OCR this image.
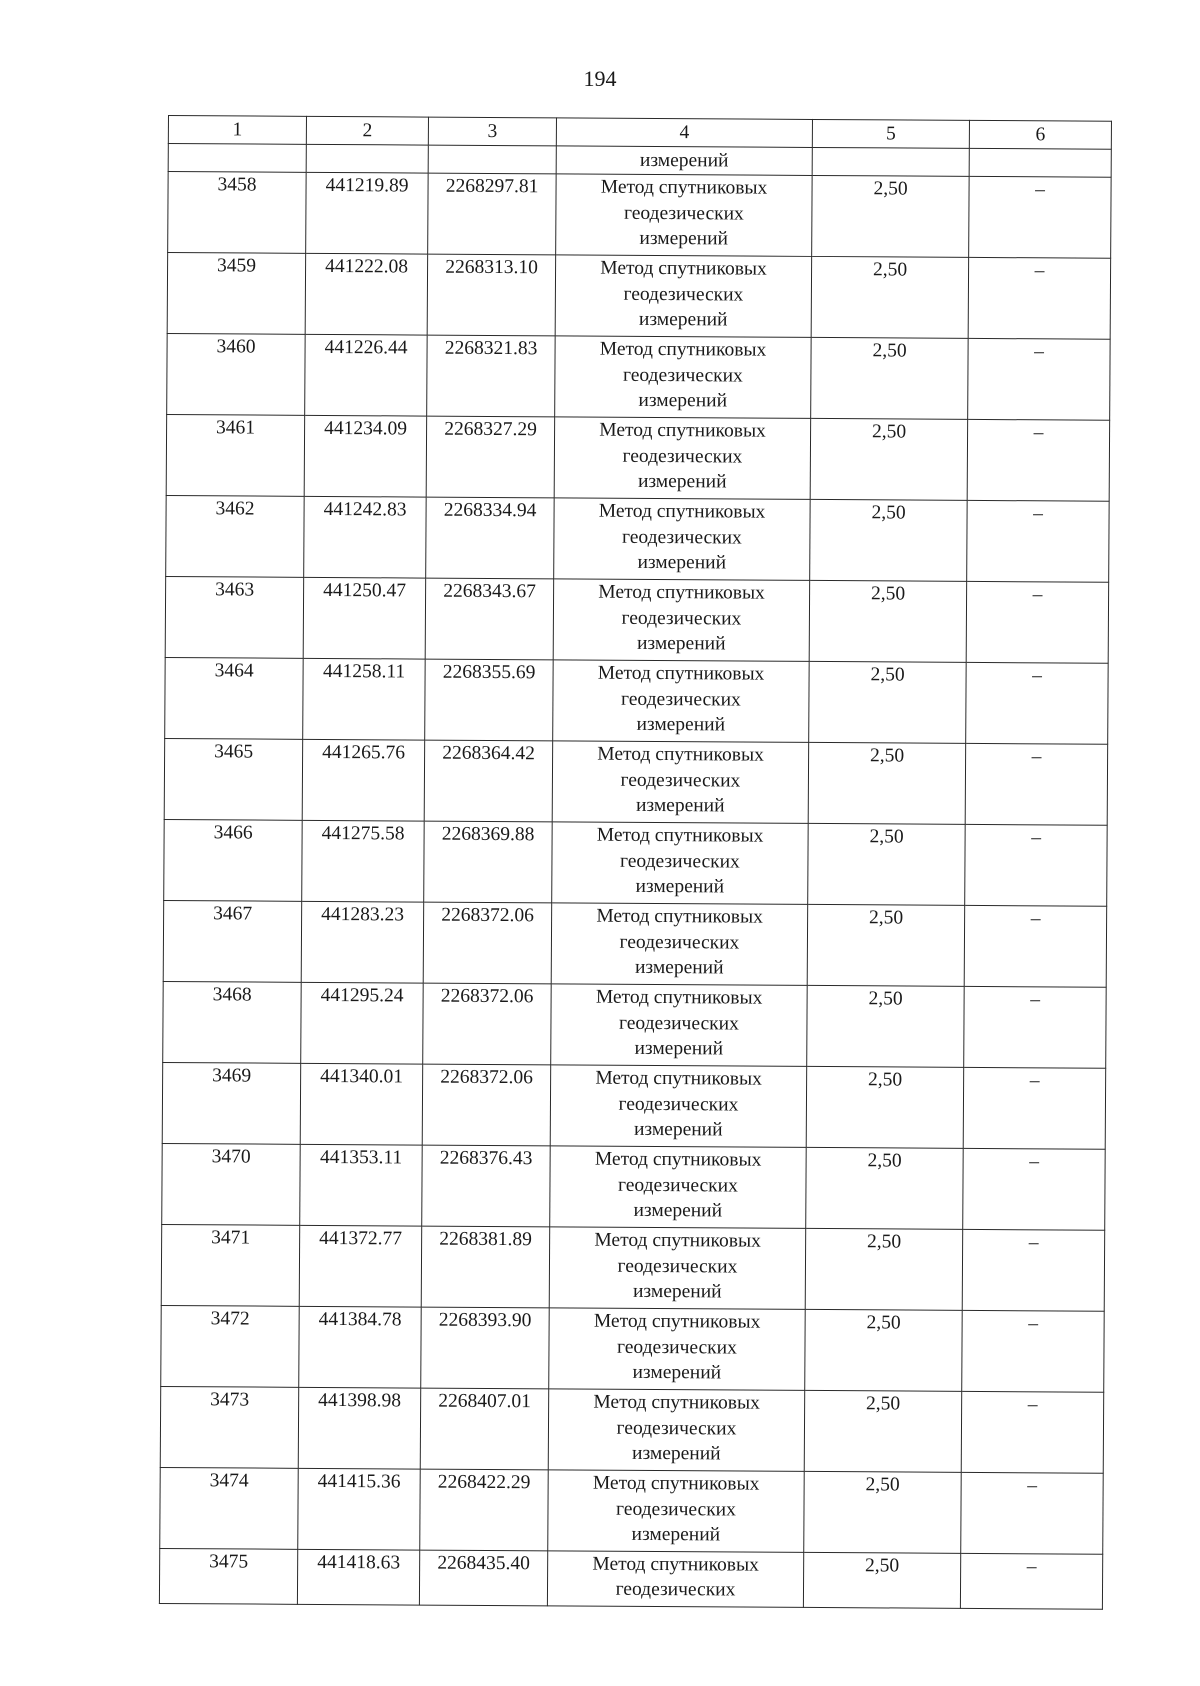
194
1	2	3	4	5	6
			измерений		
3458	441219.89	2268297.81	Метод спутниковых
геодезических
измерений	2,50	–
3459	441222.08	2268313.10	Метод спутниковых
геодезических
измерений	2,50	–
3460	441226.44	2268321.83	Метод спутниковых
геодезических
измерений	2,50	–
3461	441234.09	2268327.29	Метод спутниковых
геодезических
измерений	2,50	–
3462	441242.83	2268334.94	Метод спутниковых
геодезических
измерений	2,50	–
3463	441250.47	2268343.67	Метод спутниковых
геодезических
измерений	2,50	–
3464	441258.11	2268355.69	Метод спутниковых
геодезических
измерений	2,50	–
3465	441265.76	2268364.42	Метод спутниковых
геодезических
измерений	2,50	–
3466	441275.58	2268369.88	Метод спутниковых
геодезических
измерений	2,50	–
3467	441283.23	2268372.06	Метод спутниковых
геодезических
измерений	2,50	–
3468	441295.24	2268372.06	Метод спутниковых
геодезических
измерений	2,50	–
3469	441340.01	2268372.06	Метод спутниковых
геодезических
измерений	2,50	–
3470	441353.11	2268376.43	Метод спутниковых
геодезических
измерений	2,50	–
3471	441372.77	2268381.89	Метод спутниковых
геодезических
измерений	2,50	–
3472	441384.78	2268393.90	Метод спутниковых
геодезических
измерений	2,50	–
3473	441398.98	2268407.01	Метод спутниковых
геодезических
измерений	2,50	–
3474	441415.36	2268422.29	Метод спутниковых
геодезических
измерений	2,50	–
3475	441418.63	2268435.40	Метод спутниковых
геодезических	2,50	–
